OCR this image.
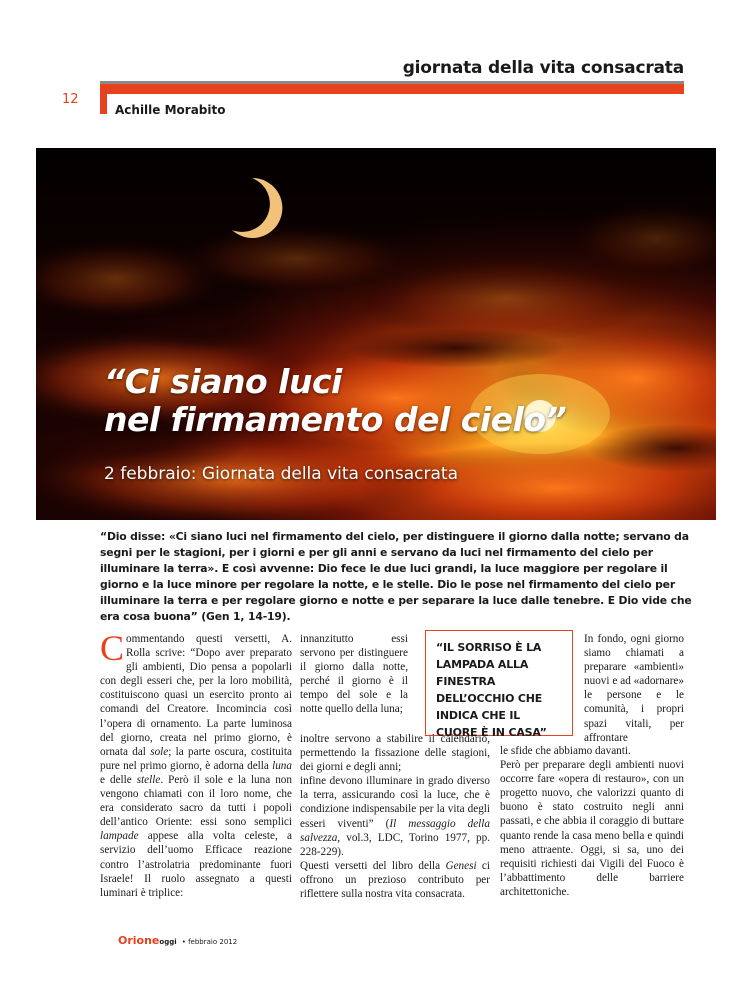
giornata della vita consacrata
12
Achille Morabito
“Ci siano luci
nel firmamento del cielo”
2 febbraio: Giornata della vita consacrata
“Dio disse: «Ci siano luci nel firmamento del cielo, per distinguere il giorno dalla notte; servano da segni per le stagioni, per i giorni e per gli anni e servano da luci nel firmamento del cielo per illuminare la terra». E così avvenne: Dio fece le due luci grandi, la luce maggiore per regolare il giorno e la luce minore per regolare la notte, e le stelle. Dio le pose nel firmamento del cielo per illuminare la terra e per regolare giorno e notte e per separare la luce dalle tenebre. E Dio vide che era cosa buona” (Gen 1, 14-19).
Commentando questi versetti, A. Rolla scrive: “Dopo aver preparato gli ambienti, Dio pensa a popolarli con degli esseri che, per la loro mobilità, costituiscono quasi un esercito pronto ai comandi del Creatore. Incomincia così l’opera di ornamento. La parte luminosa del giorno, creata nel primo giorno, è ornata dal sole; la parte oscura, costituita pure nel primo giorno, è adorna della luna e delle stelle. Però il sole e la luna non vengono chiamati con il loro nome, che era considerato sacro da tutti i popoli dell’antico Oriente: essi sono semplici lampade appese alla volta celeste, a servizio dell’uomo Efficace reazione contro l’astrolatria predominante fuori Israele! Il ruolo assegnato a questi luminari è triplice:
innanzitutto essi servono per distinguere il giorno dalla notte, perché il giorno è il tempo del sole e la notte quello della luna;
inoltre servono a stabilire il calendario, permettendo la fissazione delle stagioni, dei giorni e degli anni;
infine devono illuminare in grado diverso la terra, assicurando così la luce, che è condizione indispensabile per la vita degli esseri viventi” (Il messaggio della salvezza, vol.3, LDC, Torino 1977, pp. 228-229).
Questi versetti del libro della Genesi ci offrono un prezioso contributo per riflettere sulla nostra vita consacrata.
“IL SORRISO È LA LAMPADA ALLA FINESTRA DELL’OCCHIO CHE INDICA CHE IL CUORE È IN CASA”
In fondo, ogni giorno siamo chiamati a preparare «ambienti» nuovi e ad «adornare» le persone e le comunità, i propri spazi vitali, per affrontare
le sfide che abbiamo davanti.
Però per preparare degli ambienti nuovi occorre fare «opera di restauro», con un progetto nuovo, che valorizzi quanto di buono è stato costruito negli anni passati, e che abbia il coraggio di buttare quanto rende la casa meno bella e quindi meno attraente. Oggi, si sa, uno dei requisiti richiesti dai Vigili del Fuoco è l’abbattimento delle barriere architettoniche.
Orioneoggi • febbraio 2012
